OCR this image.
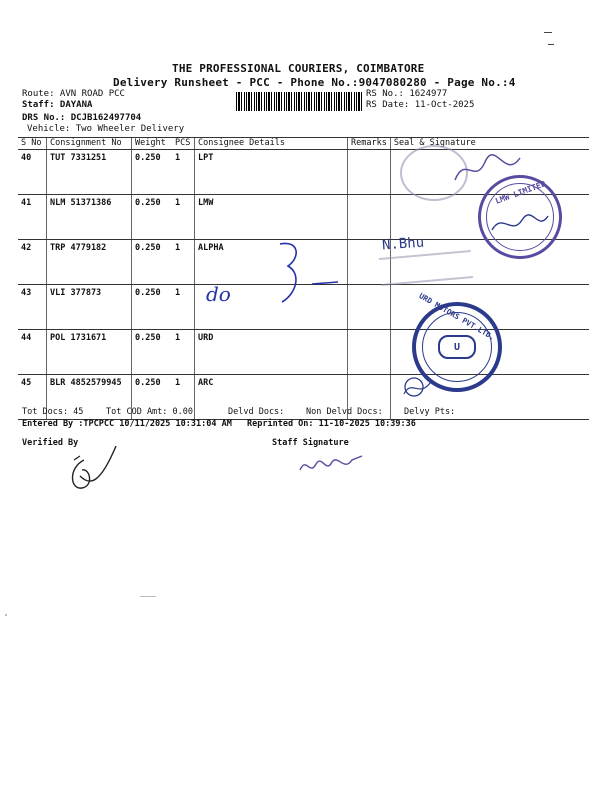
THE PROFESSIONAL COURIERS, COIMBATORE
Delivery Runsheet - PCC - Phone No.:9047080280 - Page No.:4
Route: AVN ROAD PCC
Staff: DAYANA
DRS No.: DCJB162497704
Vehicle: Two Wheeler Delivery
RS No.: 1624977
RS Date: 11-Oct-2025
S No	Consignment No	Weight	PCS	Consignee Details	Remarks	Seal & Signature
40	TUT 7331251	0.250	1	LPT		
41	NLM 51371386	0.250	1	LMW		
42	TRP 4779182	0.250	1	ALPHA		
43	VLI 377873	0.250	1			
44	POL 1731671	0.250	1	URD		
45	BLR 4852579945	0.250	1	ARC		
LMW LIMITED
N.Bhu
do	URD MOTORS PVT.LTD.
U
Tot Docs: 45	Tot COD Amt: 0.00	Delvd Docs:	Non Delvd Docs: Delvy Pts:
Entered By :TPCPCC 10/11/2025 10:31:04 AM Reprinted On: 11-10-2025 10:39:36
Verified By	Staff Signature
